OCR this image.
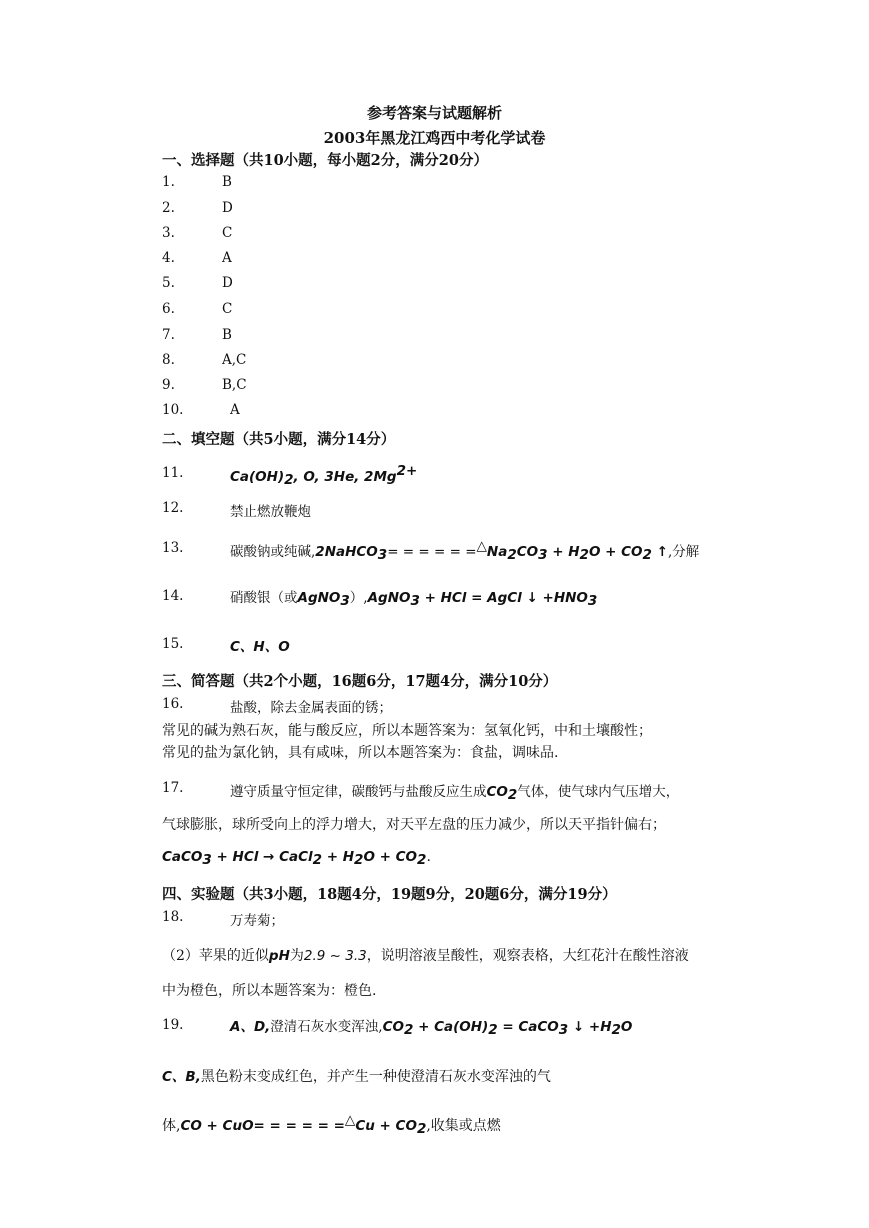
参考答案与试题解析
2003年黑龙江鸡西中考化学试卷
一、选择题（共10小题，每小题2分，满分20分）
1.	B
2.	D
3.	C
4.	A
5.	D
6.	C
7.	B
8.	A,C
9.	B,C
10.	A
二、填空题（共5小题，满分14分）
11.	$Ca(OH)_2$, O, 3He, $2Mg^{2+}$
12.	禁止燃放鞭炮
13.	碳酸钠或纯碱,2NaHCO$_3$= = = = = $=^\triangle Na_2CO_3 + H_2O + CO_2$ ↑,分解
14.	硝酸银（或AgNO$_3$）,AgNO$_3$ + HCl = AgCl ↓ $+HNO_3$
15.	C、H、O
三、简答题（共2个小题，16题6分，17题4分，满分10分）
16.	盐酸，除去金属表面的锈；
常见的碱为熟石灰，能与酸反应，所以本题答案为：氢氧化钙，中和土壤酸性；
常见的盐为氯化钠，具有咸味，所以本题答案为：食盐，调味品.
17.	遵守质量守恒定律，碳酸钙与盐酸反应生成$CO_2$气体，使气球内气压增大，
气球膨胀，球所受向上的浮力增大，对天平左盘的压力减少，所以天平指针偏右；
CaCO$_3$ + HCl → CaCl$_2$ + $H_2O + CO_2$.
四、实验题（共3小题，18题4分，19题9分，20题6分，满分19分）
18.	万寿菊；
（2）苹果的近似pH为2.9 ~ 3.3，说明溶液呈酸性，观察表格，大红花汁在酸性溶液
中为橙色，所以本题答案为：橙色.
19.	A、D,澄清石灰水变浑浊$,CO_2 + Ca(OH)_2$ = CaCO$_3$ ↓ $+H_2O$
C、B,黑色粉末变成红色，并产生一种使澄清石灰水变浑浊的气
体,CO + CuO= = = = = $=^\triangle Cu + CO_2$,收集或点燃
